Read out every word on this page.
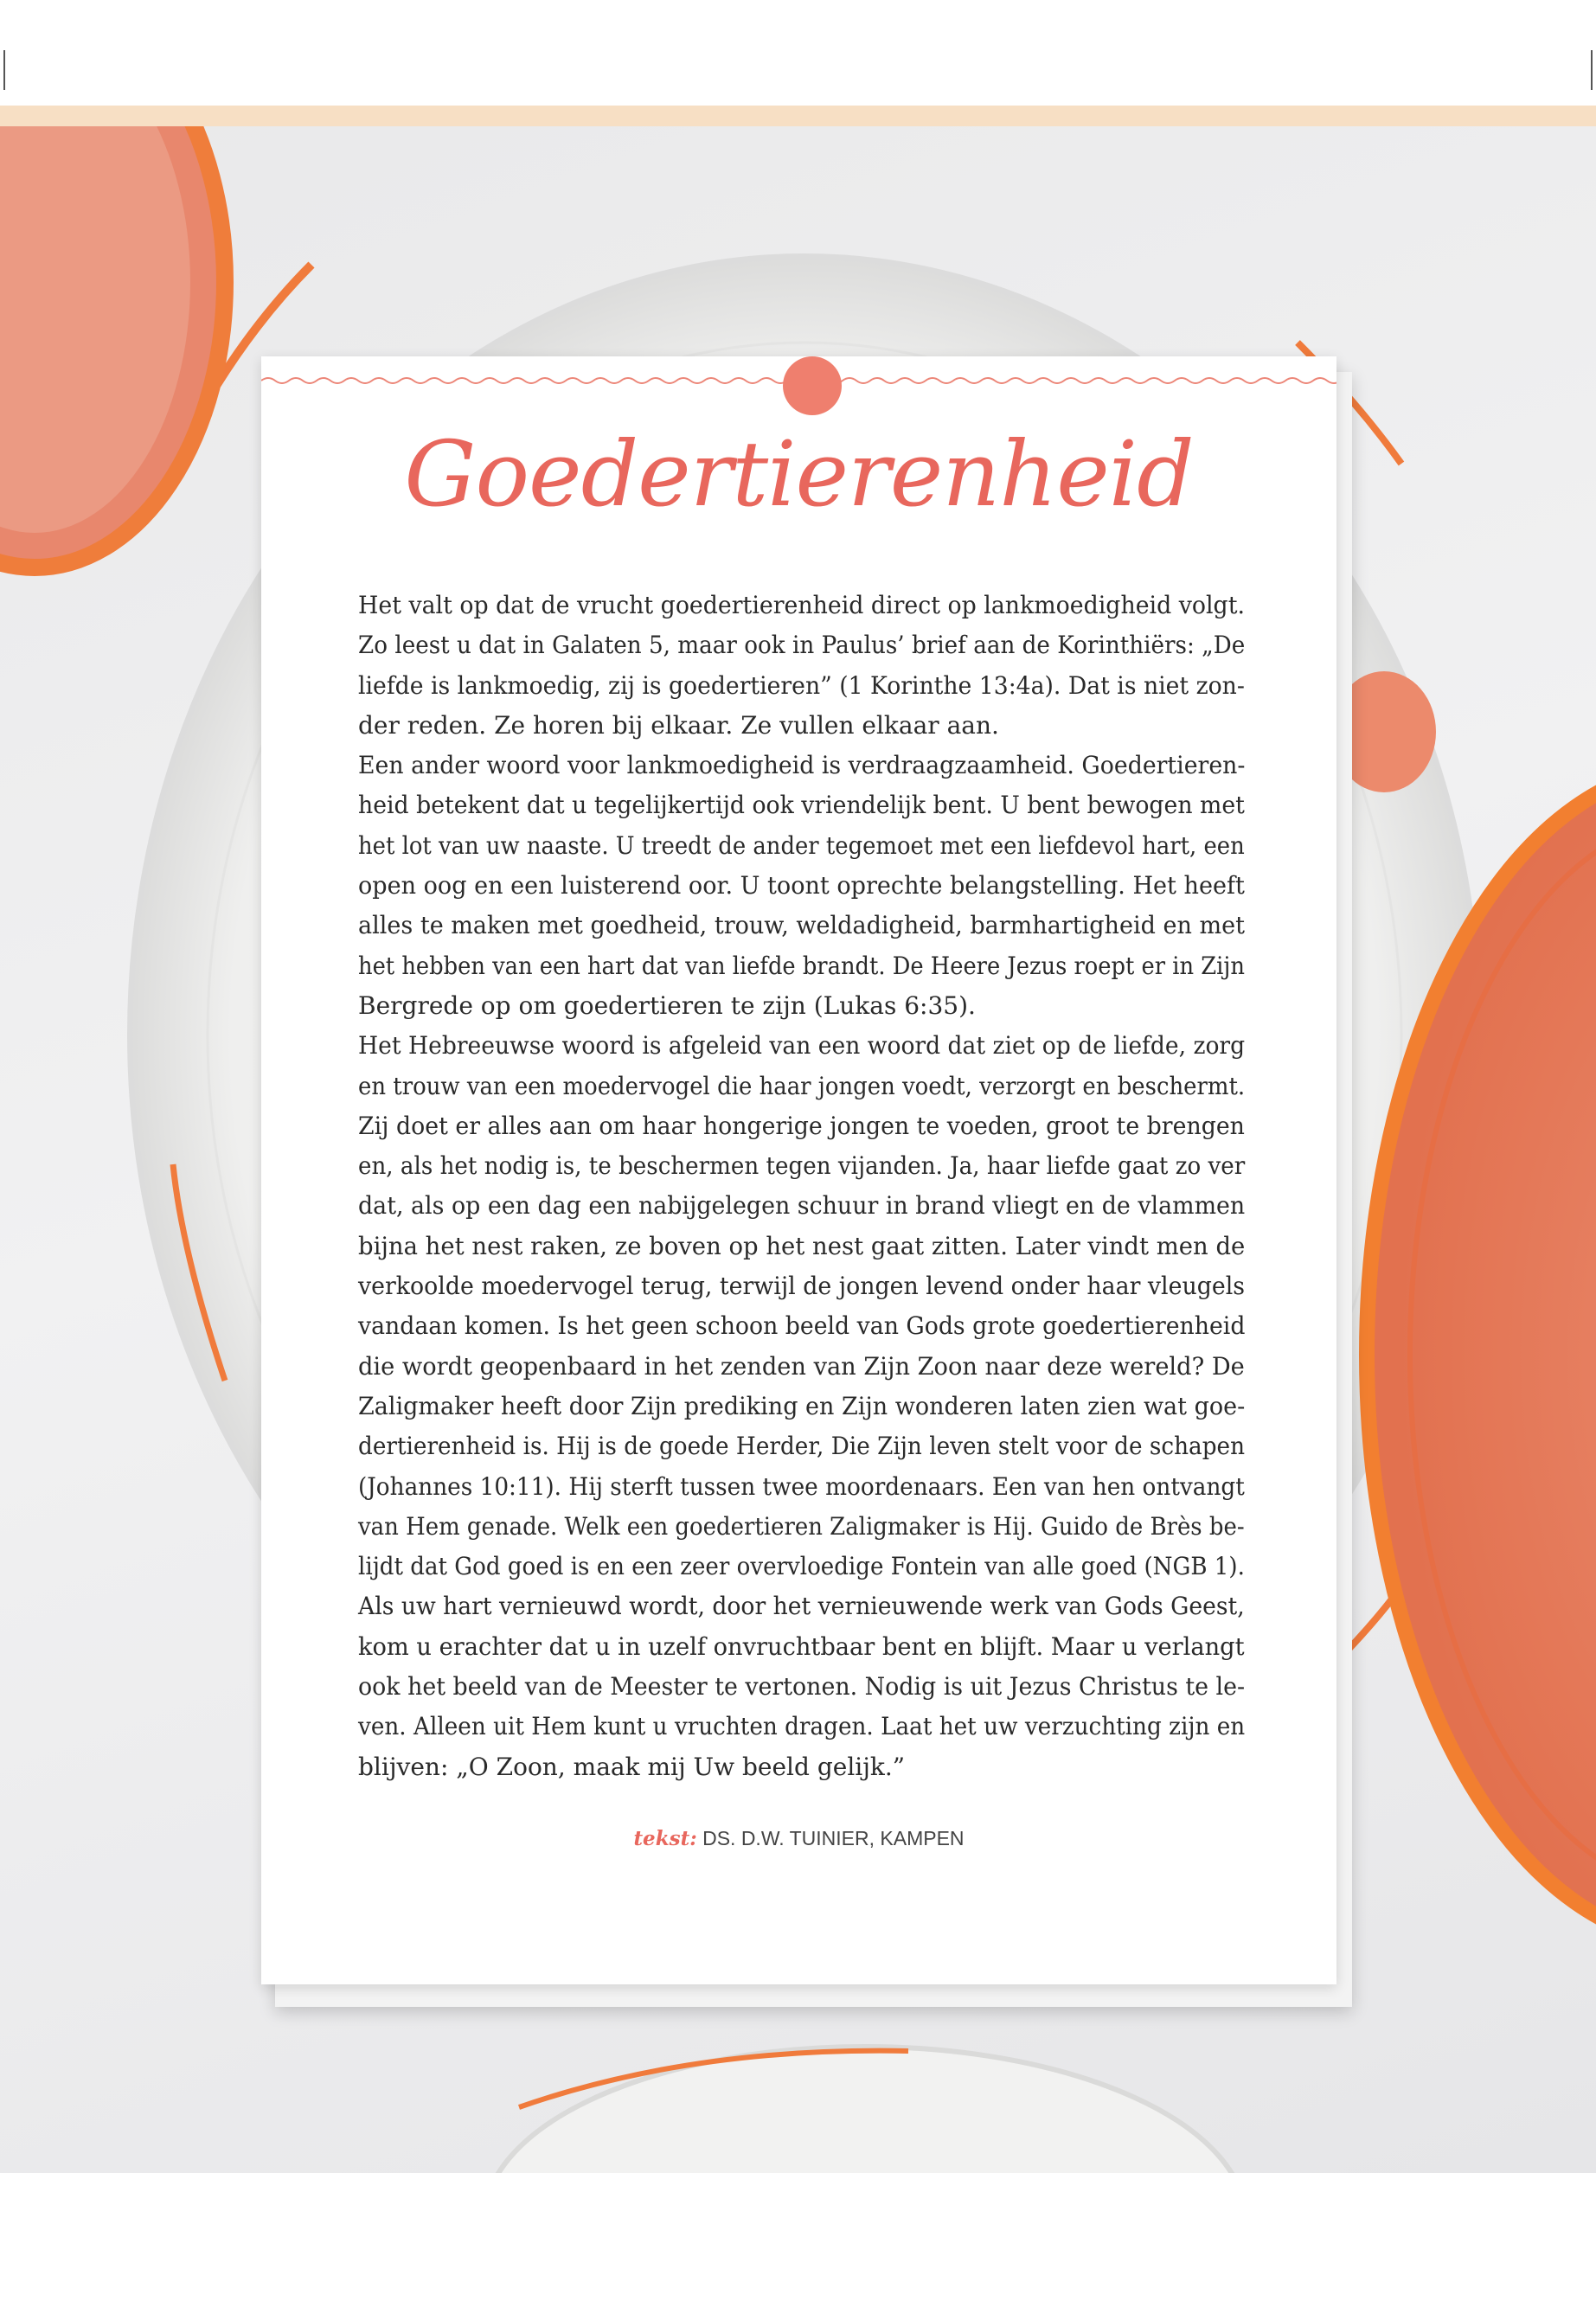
Goedertierenheid
Het valt op dat de vrucht goedertierenheid direct op lankmoedigheid volgt.
Zo leest u dat in Galaten 5, maar ook in Paulus’ brief aan de Korinthiërs: „De
liefde is lankmoedig, zij is goedertieren” (1 Korinthe 13:4a). Dat is niet zon-
der reden. Ze horen bij elkaar. Ze vullen elkaar aan.
Een ander woord voor lankmoedigheid is verdraagzaamheid. Goedertieren-
heid betekent dat u tegelijkertijd ook vriendelijk bent. U bent bewogen met
het lot van uw naaste. U treedt de ander tegemoet met een liefdevol hart, een
open oog en een luisterend oor. U toont oprechte belangstelling. Het heeft
alles te maken met goedheid, trouw, weldadigheid, barmhartigheid en met
het hebben van een hart dat van liefde brandt. De Heere Jezus roept er in Zijn
Bergrede op om goedertieren te zijn (Lukas 6:35).
Het Hebreeuwse woord is afgeleid van een woord dat ziet op de liefde, zorg
en trouw van een moedervogel die haar jongen voedt, verzorgt en beschermt.
Zij doet er alles aan om haar hongerige jongen te voeden, groot te brengen
en, als het nodig is, te beschermen tegen vijanden. Ja, haar liefde gaat zo ver
dat, als op een dag een nabijgelegen schuur in brand vliegt en de vlammen
bijna het nest raken, ze boven op het nest gaat zitten. Later vindt men de
verkoolde moedervogel terug, terwijl de jongen levend onder haar vleugels
vandaan komen. Is het geen schoon beeld van Gods grote goedertierenheid
die wordt geopenbaard in het zenden van Zijn Zoon naar deze wereld? De
Zaligmaker heeft door Zijn prediking en Zijn wonderen laten zien wat goe-
dertierenheid is. Hij is de goede Herder, Die Zijn leven stelt voor de schapen
(Johannes 10:11). Hij sterft tussen twee moordenaars. Een van hen ontvangt
van Hem genade. Welk een goedertieren Zaligmaker is Hij. Guido de Brès be-
lijdt dat God goed is en een zeer overvloedige Fontein van alle goed (NGB 1).
Als uw hart vernieuwd wordt, door het vernieuwende werk van Gods Geest,
kom u erachter dat u in uzelf onvruchtbaar bent en blijft. Maar u verlangt
ook het beeld van de Meester te vertonen. Nodig is uit Jezus Christus te le-
ven. Alleen uit Hem kunt u vruchten dragen. Laat het uw verzuchting zijn en
blijven: „O Zoon, maak mij Uw beeld gelijk.”
tekst: DS. D.W. TUINIER, KAMPEN
